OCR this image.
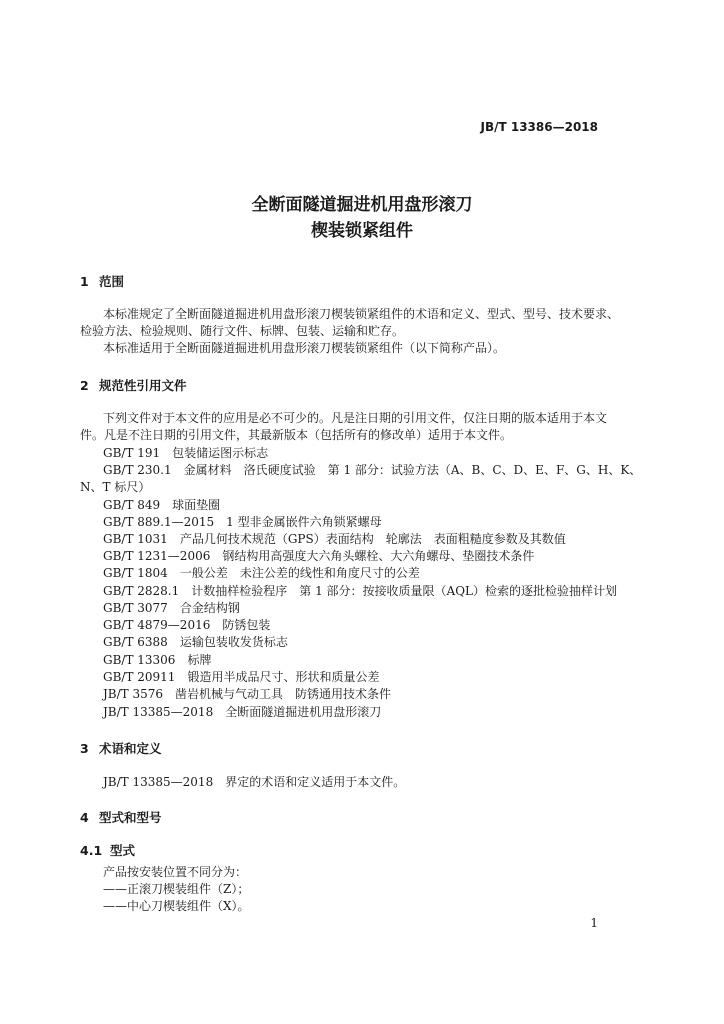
JB/T 13386—2018
全断面隧道掘进机用盘形滚刀
楔装锁紧组件
1 范围
本标准规定了全断面隧道掘进机用盘形滚刀楔装锁紧组件的术语和定义、型式、型号、技术要求、
检验方法、检验规则、随行文件、标牌、包装、运输和贮存。
本标准适用于全断面隧道掘进机用盘形滚刀楔装锁紧组件（以下简称产品）。
2 规范性引用文件
下列文件对于本文件的应用是必不可少的。凡是注日期的引用文件，仅注日期的版本适用于本文
件。凡是不注日期的引用文件，其最新版本（包括所有的修改单）适用于本文件。
GB/T 191 包装储运图示标志
GB/T 230.1 金属材料　洛氏硬度试验　第 1 部分：试验方法（A、B、C、D、E、F、G、H、K、
N、T 标尺）
GB/T 849 球面垫圈
GB/T 889.1—2015 1 型非金属嵌件六角锁紧螺母
GB/T 1031 产品几何技术规范（GPS）表面结构　轮廓法　表面粗糙度参数及其数值
GB/T 1231—2006 钢结构用高强度大六角头螺栓、大六角螺母、垫圈技术条件
GB/T 1804 一般公差　未注公差的线性和角度尺寸的公差
GB/T 2828.1 计数抽样检验程序　第 1 部分：按接收质量限（AQL）检索的逐批检验抽样计划
GB/T 3077 合金结构钢
GB/T 4879—2016 防锈包装
GB/T 6388 运输包装收发货标志
GB/T 13306 标牌
GB/T 20911 锻造用半成品尺寸、形状和质量公差
JB/T 3576 凿岩机械与气动工具　防锈通用技术条件
JB/T 13385—2018 全断面隧道掘进机用盘形滚刀
3 术语和定义
JB/T 13385—2018　界定的术语和定义适用于本文件。
4 型式和型号
4.1 型式
产品按安装位置不同分为：
——正滚刀楔装组件（Z）；
——中心刀楔装组件（X）。
1
